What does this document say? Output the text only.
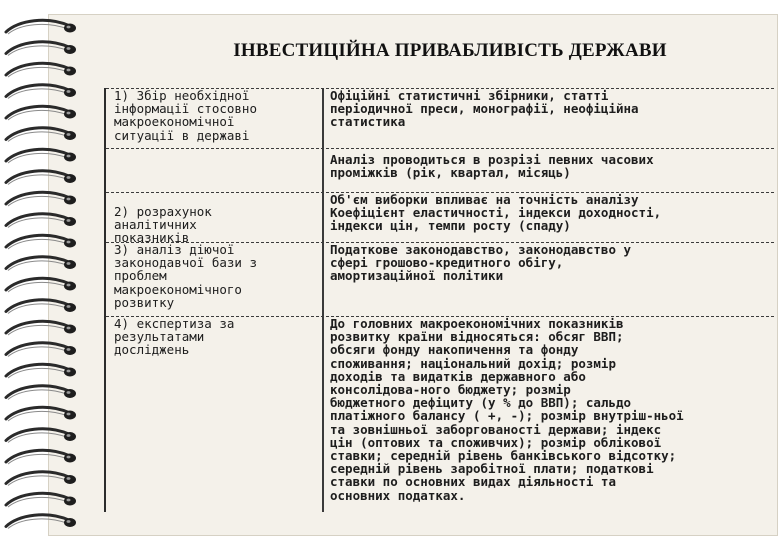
ІНВЕСТИЦІЙНА ПРИВАБЛИВІСТЬ ДЕРЖАВИ
1) Збір необхідної
інформації стосовно
макроекономічної
ситуації в державі
Офіційні статистичні збірники, статті
періодичної преси, монографії, неофіційна
статистика
Аналіз проводиться в розрізі певних часових
проміжків (рік, квартал, місяць)
2) розрахунок
аналітичних
показників
Об'єм виборки впливає на точність аналізу
Коефіцієнт еластичності, індекси доходності,
індекси цін, темпи росту (спаду)
3) аналіз діючої
законодавчої бази з
проблем
макроекономічного
розвитку
Податкове законодавство, законодавство у
сфері грошово-кредитного обігу,
амортизаційної політики
4) експертиза за
результатами
досліджень
До головних макроекономічних показників
розвитку країни відносяться: обсяг ВВП;
обсяги фонду накопичення та фонду
споживання; національний дохід; розмір
доходів та видатків державного або
консолідова-ного бюджету; розмір
бюджетного дефіциту (у % до ВВП); сальдо
платіжного балансу ( +, -); розмір внутріш-ньої
та зовнішньої заборгованості держави; індекс
цін (оптових та споживчих); розмір облікової
ставки; середній рівень банківського відсотку;
середній рівень заробітної плати; податкові
ставки по основних видах діяльності та
основних податках.
